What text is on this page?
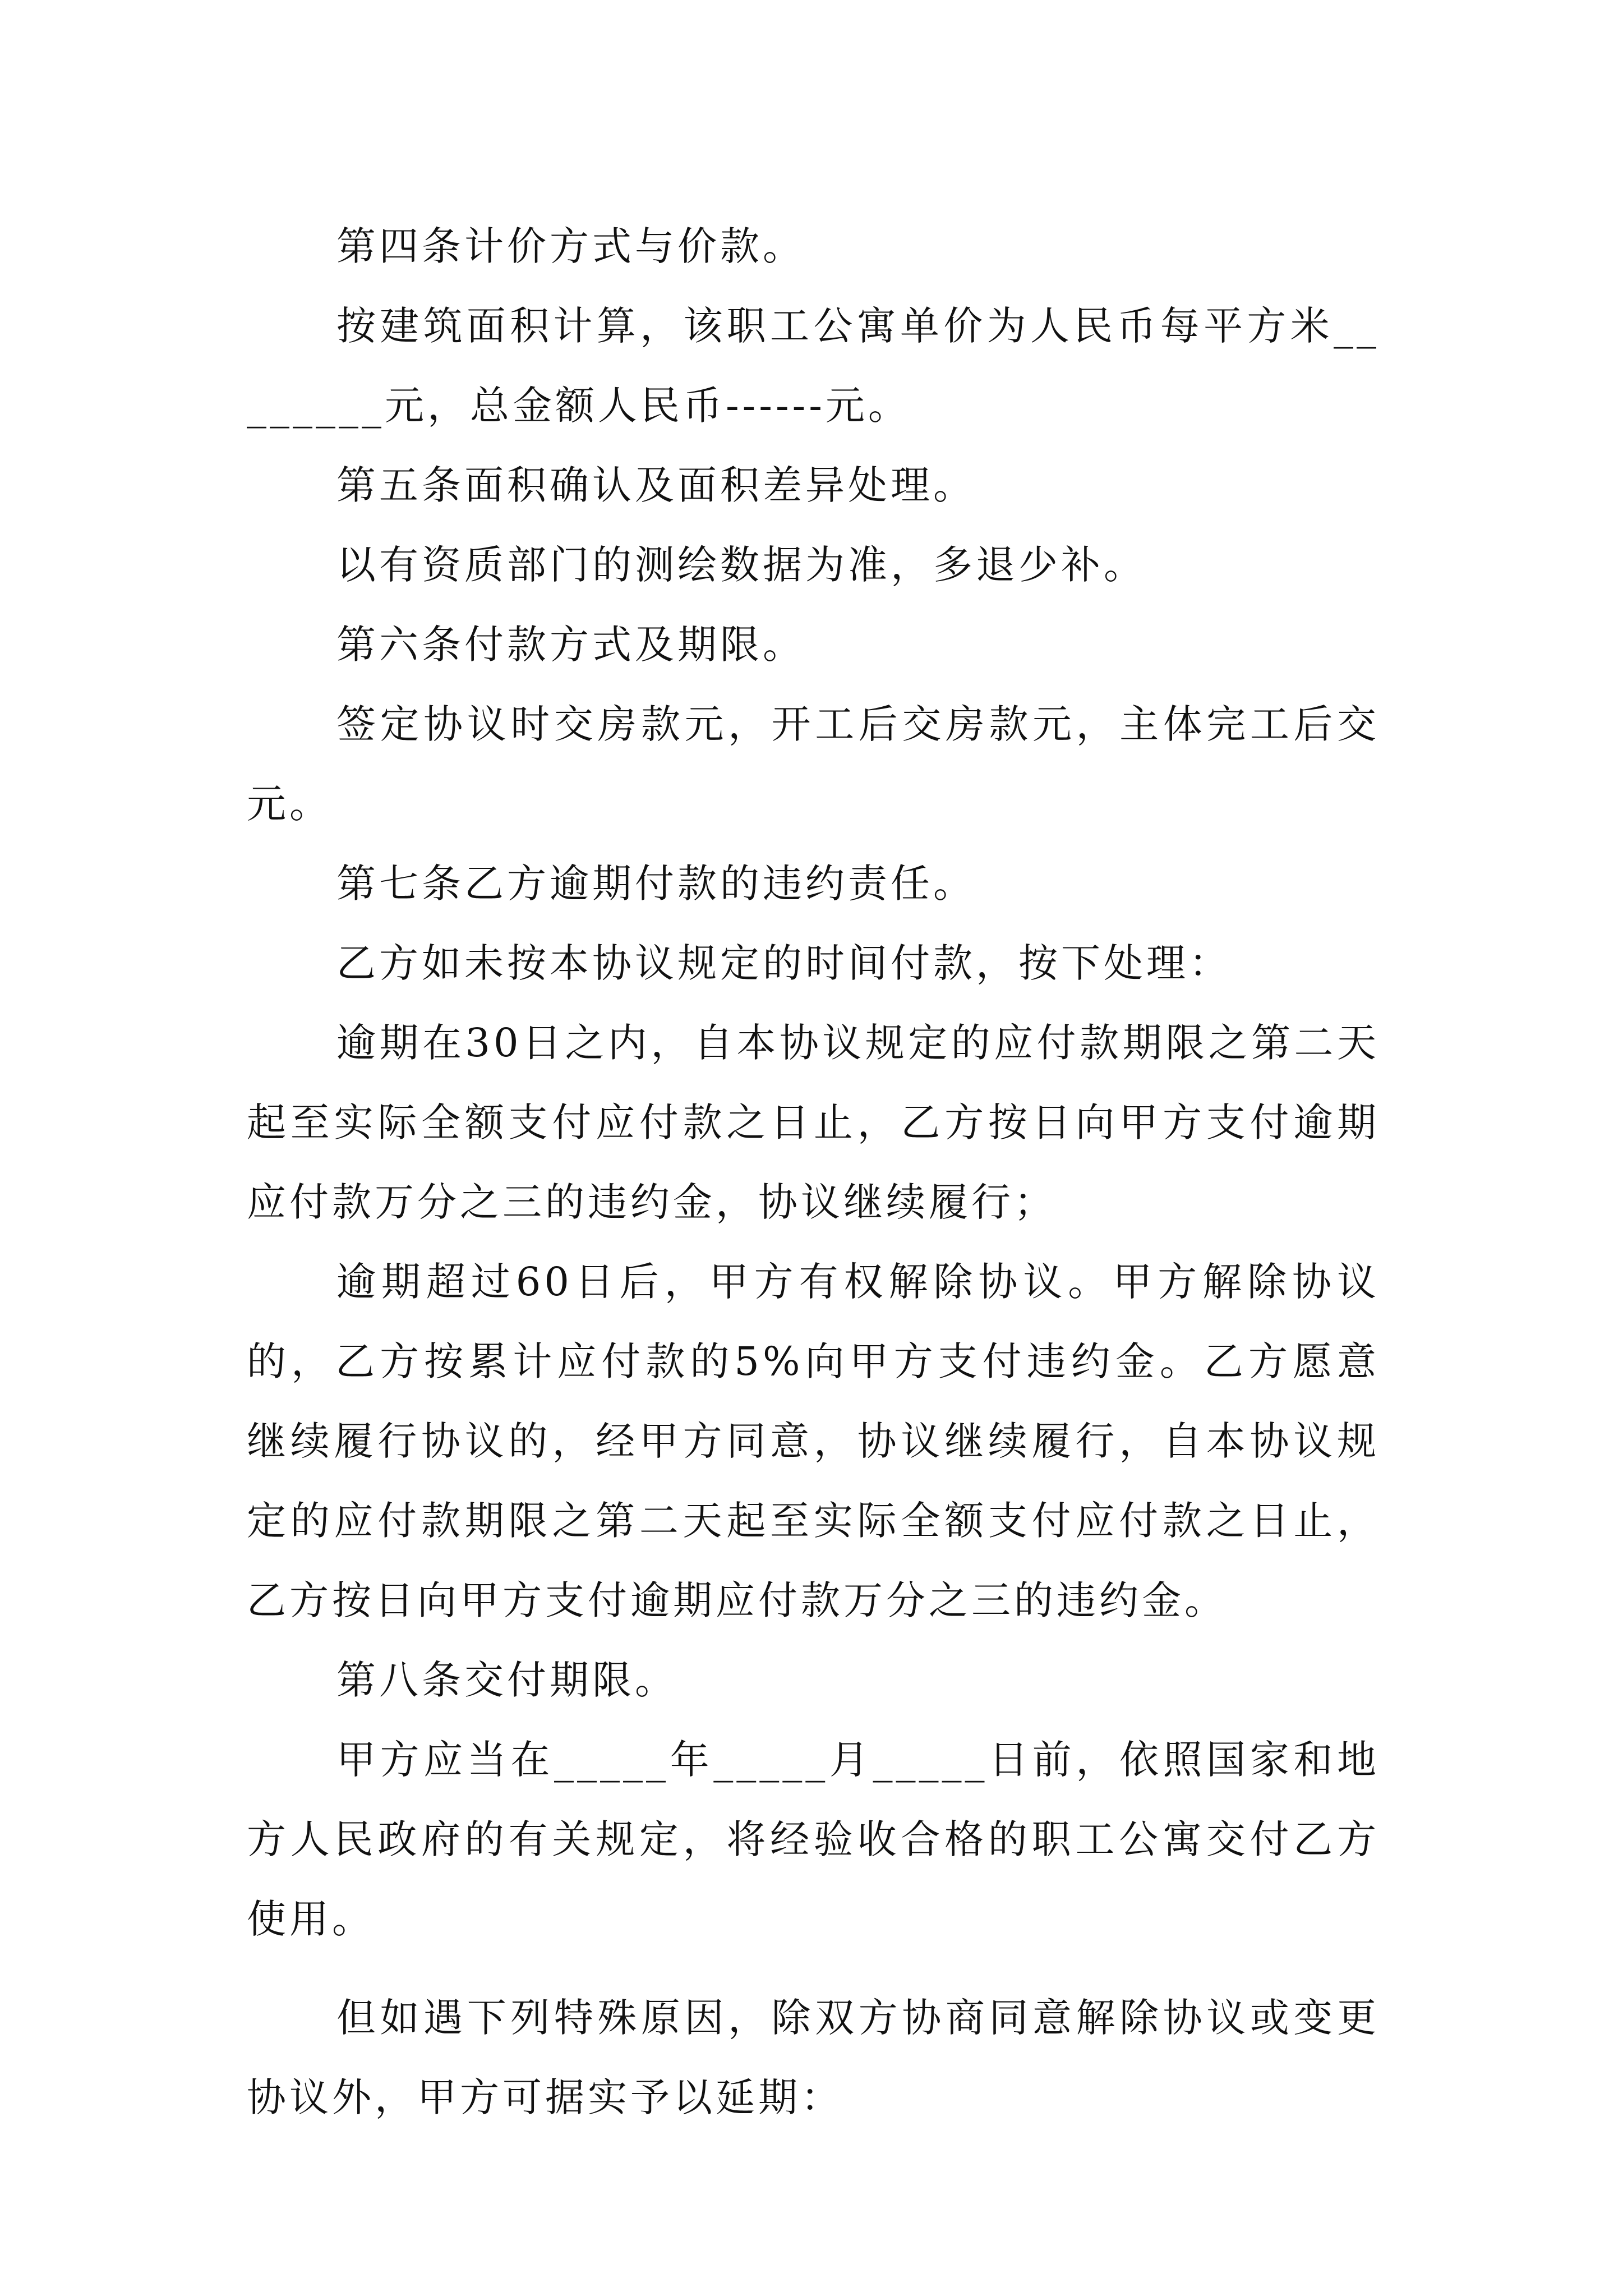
第四条计价方式与价款。

按建筑面积计算，该职工公寓单价为人民币每平方米________元，总金额人民币------元。

第五条面积确认及面积差异处理。

以有资质部门的测绘数据为准，多退少补。

第六条付款方式及期限。

签定协议时交房款元，开工后交房款元，主体完工后交元。

第七条乙方逾期付款的违约责任。

乙方如未按本协议规定的时间付款，按下处理：

逾期在30日之内，自本协议规定的应付款期限之第二天起至实际全额支付应付款之日止，乙方按日向甲方支付逾期应付款万分之三的违约金，协议继续履行；

逾期超过60日后，甲方有权解除协议。甲方解除协议的，乙方按累计应付款的5%向甲方支付违约金。乙方愿意继续履行协议的，经甲方同意，协议继续履行，自本协议规定的应付款期限之第二天起至实际全额支付应付款之日止，乙方按日向甲方支付逾期应付款万分之三的违约金。

第八条交付期限。

甲方应当在_____年_____月_____日前，依照国家和地方人民政府的有关规定，将经验收合格的职工公寓交付乙方使用。

但如遇下列特殊原因，除双方协商同意解除协议或变更协议外，甲方可据实予以延期：
